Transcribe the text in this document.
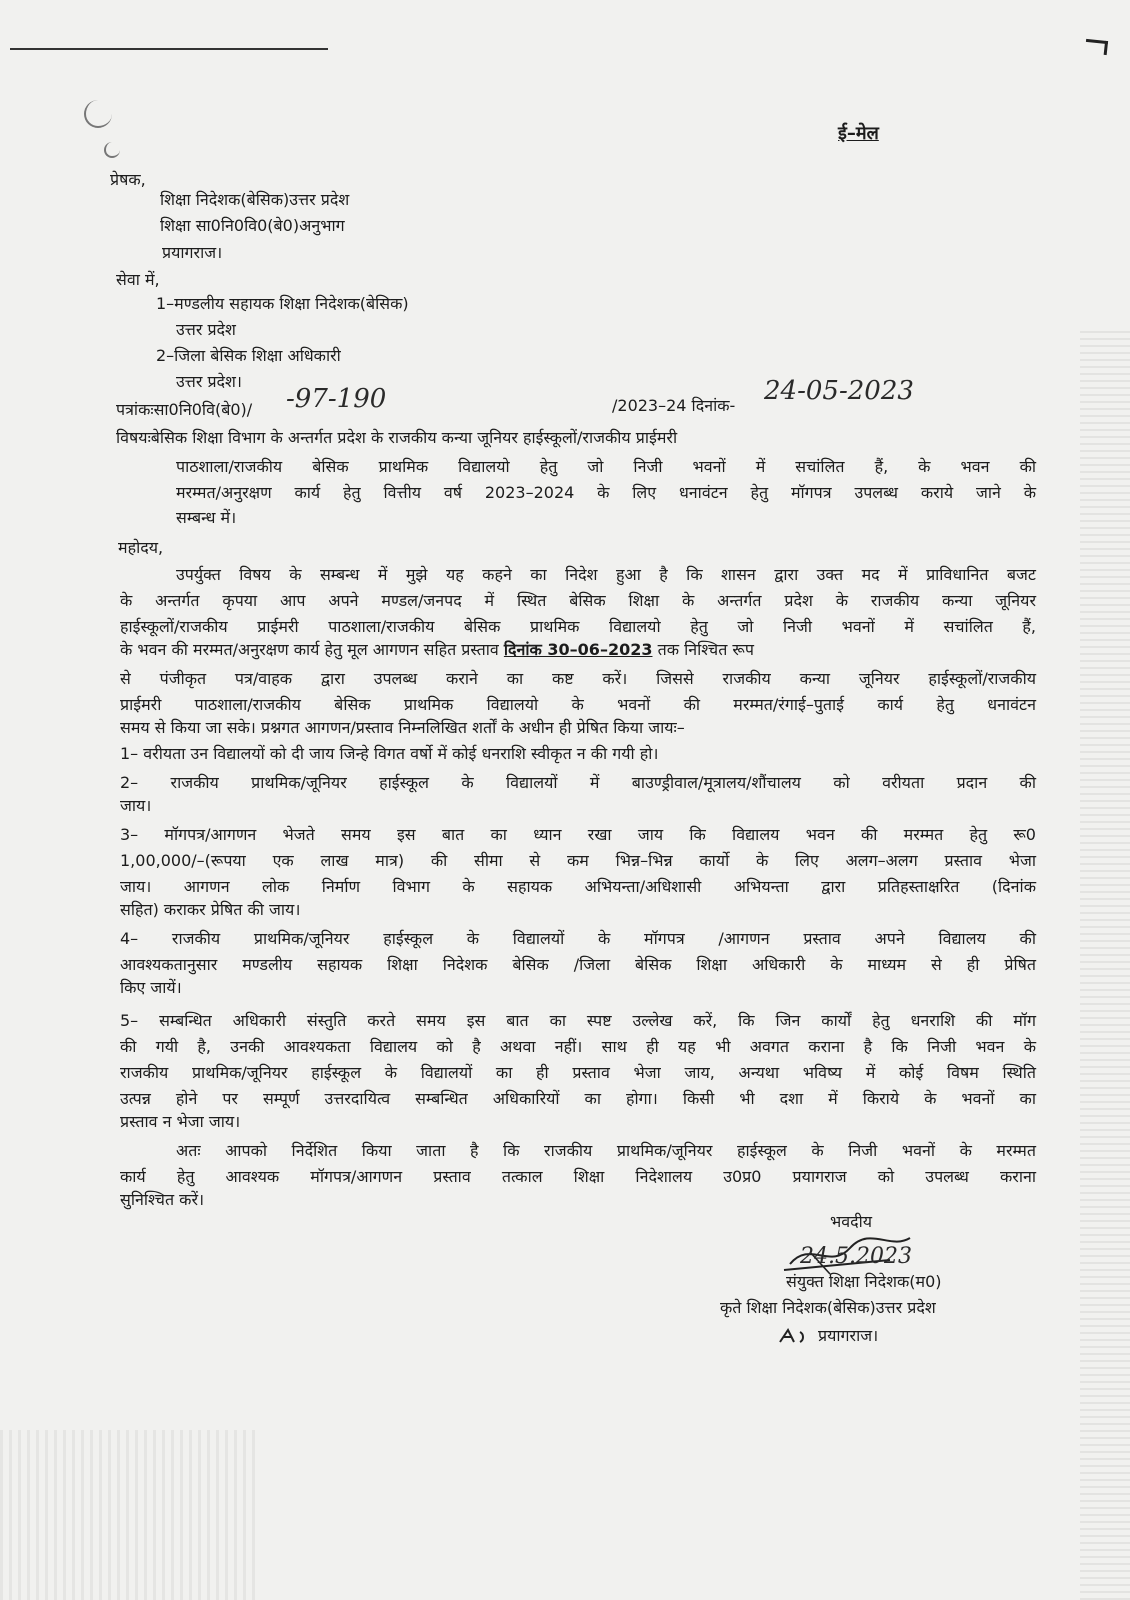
ई–मेल
प्रेषक,
शिक्षा निदेशक(बेसिक)उत्तर प्रदेश
शिक्षा सा0नि0वि0(बे0)अनुभाग
प्रयागराज।
सेवा में,
1–मण्डलीय सहायक शिक्षा निदेशक(बेसिक)
उत्तर प्रदेश
2–जिला बेसिक शिक्षा अधिकारी
उत्तर प्रदेश।
पत्रांकःसा0नि0वि(बे0)/ -97-190	/2023–24 दिनांक- 24-05-2023
विषयःबेसिक शिक्षा विभाग के अन्तर्गत प्रदेश के राजकीय कन्या जूनियर हाईस्कूलों/राजकीय प्राईमरी

पाठशाला/राजकीय बेसिक प्राथमिक विद्यालयो हेतु जो निजी भवनों में सचांलित हैं, के भवन की

मरम्मत/अनुरक्षण कार्य हेतु वित्तीय वर्ष 2023–2024 के लिए धनावंटन हेतु मॉगपत्र उपलब्ध कराये जाने के

सम्बन्ध में।
महोदय,

उपर्युक्त विषय के सम्बन्ध में मुझे यह कहने का निदेश हुआ है कि शासन द्वारा उक्त मद में प्राविधानित बजट

के अन्तर्गत कृपया आप अपने मण्डल/जनपद में स्थित बेसिक शिक्षा के अन्तर्गत प्रदेश के राजकीय कन्या जूनियर

हाईस्कूलों/राजकीय प्राईमरी पाठशाला/राजकीय बेसिक प्राथमिक विद्यालयो हेतु जो निजी भवनों में सचांलित हैं,

के भवन की मरम्मत/अनुरक्षण कार्य हेतु मूल आगणन सहित प्रस्ताव दिनांक 30–06–2023 तक निश्चित रूप

से पंजीकृत पत्र/वाहक द्वारा उपलब्ध कराने का कष्ट करें। जिससे राजकीय कन्या जूनियर हाईस्कूलों/राजकीय

प्राईमरी पाठशाला/राजकीय बेसिक प्राथमिक विद्यालयो के भवनों की मरम्मत/रंगाई–पुताई कार्य हेतु धनावंटन

समय से किया जा सके। प्रश्नगत आगणन/प्रस्ताव निम्नलिखित शर्तों के अधीन ही प्रेषित किया जायः–
1– वरीयता उन विद्यालयों को दी जाय जिन्हे विगत वर्षो में कोई धनराशि स्वीकृत न की गयी हो।

2– राजकीय प्राथमिक/जूनियर हाईस्कूल के विद्यालयों में बाउण्ड्रीवाल/मूत्रालय/शौंचालय को वरीयता प्रदान की

जाय।

3– मॉगपत्र/आगणन भेजते समय इस बात का ध्यान रखा जाय कि विद्यालय भवन की मरम्मत हेतु रू0

1,00,000/–(रूपया एक लाख मात्र) की सीमा से कम भिन्न–भिन्न कार्यो के लिए अलग–अलग प्रस्ताव भेजा

जाय। आगणन लोक निर्माण विभाग के सहायक अभियन्ता/अधिशासी अभियन्ता द्वारा प्रतिहस्ताक्षरित (दिनांक

सहित) कराकर प्रेषित की जाय।

4– राजकीय प्राथमिक/जूनियर हाईस्कूल के विद्यालयों के मॉगपत्र /आगणन प्रस्ताव अपने विद्यालय की

आवश्यकतानुसार मण्डलीय सहायक शिक्षा निदेशक बेसिक /जिला बेसिक शिक्षा अधिकारी के माध्यम से ही प्रेषित

किए जायें।

5– सम्बन्धित अधिकारी संस्तुति करते समय इस बात का स्पष्ट उल्लेख करें, कि जिन कार्यों हेतु धनराशि की मॉग

की गयी है, उनकी आवश्यकता विद्यालय को है अथवा नहीं। साथ ही यह भी अवगत कराना है कि निजी भवन के

राजकीय प्राथमिक/जूनियर हाईस्कूल के विद्यालयों का ही प्रस्ताव भेजा जाय, अन्यथा भविष्य में कोई विषम स्थिति

उत्पन्न होने पर सम्पूर्ण उत्तरदायित्व सम्बन्धित अधिकारियों का होगा। किसी भी दशा में किराये के भवनों का

प्रस्ताव न भेजा जाय।

अतः आपको निर्देशित किया जाता है कि राजकीय प्राथमिक/जूनियर हाईस्कूल के निजी भवनों के मरम्मत

कार्य हेतु आवश्यक मॉगपत्र/आगणन प्रस्ताव तत्काल शिक्षा निदेशालय उ0प्र0 प्रयागराज को उपलब्ध कराना

सुनिश्चित करें।
भवदीय
24.5.2023
संयुक्त शिक्षा निदेशक(म0)
कृते शिक्षा निदेशक(बेसिक)उत्तर प्रदेश
प्रयागराज।
